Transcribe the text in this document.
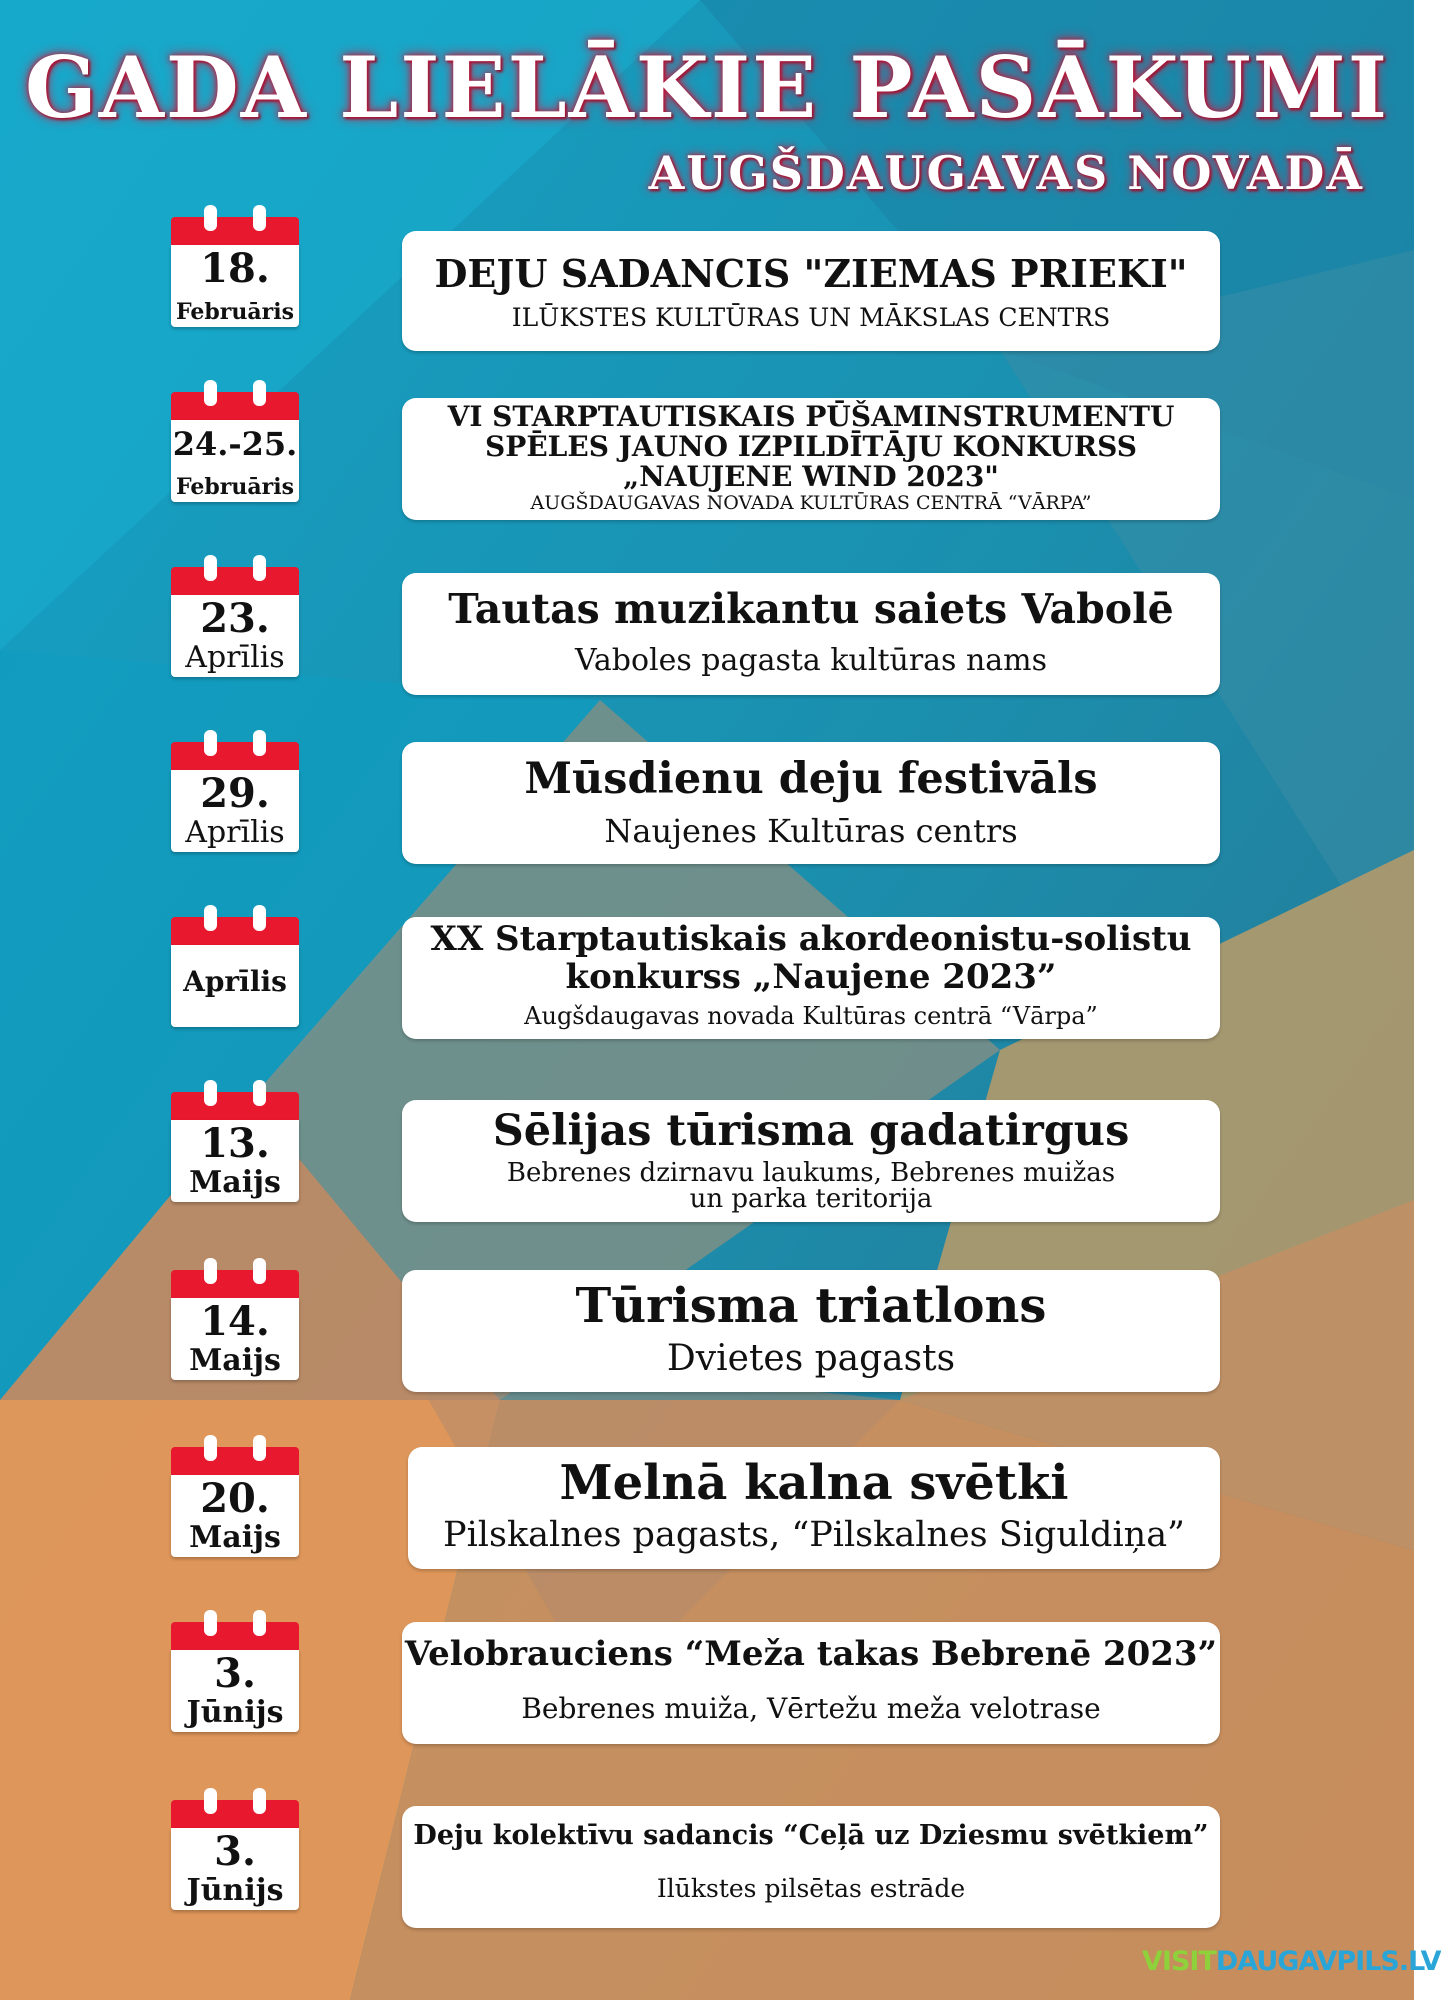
GADA LIELĀKIE PASĀKUMI
AUGŠDAUGAVAS NOVADĀ
18.
Februāris
DEJU SADANCIS "ZIEMAS PRIEKI"
ILŪKSTES KULTŪRAS UN MĀKSLAS CENTRS
24.-25.
Februāris
VI STARPTAUTISKAIS PŪŠAMINSTRUMENTU
SPĒLES JAUNO IZPILDĪTĀJU KONKURSS
„NAUJENE WIND 2023"
AUGŠDAUGAVAS NOVADA KULTŪRAS CENTRĀ “VĀRPA”
23.
Aprīlis
Tautas muzikantu saiets Vabolē
Vaboles pagasta kultūras nams
29.
Aprīlis
Mūsdienu deju festivāls
Naujenes Kultūras centrs
Aprīlis
XX Starptautiskais akordeonistu-solistu
konkurss „Naujene 2023”
Augšdaugavas novada Kultūras centrā “Vārpa”
13.
Maijs
Sēlijas tūrisma gadatirgus
Bebrenes dzirnavu laukums, Bebrenes muižas
un parka teritorija
14.
Maijs
Tūrisma triatlons
Dvietes pagasts
20.
Maijs
Melnā kalna svētki
Pilskalnes pagasts, “Pilskalnes Siguldiņa”
3.
Jūnijs
Velobrauciens “Meža takas Bebrenē 2023”
Bebrenes muiža, Vērtežu meža velotrase
3.
Jūnijs
Deju kolektīvu sadancis “Ceļā uz Dziesmu svētkiem”
Ilūkstes pilsētas estrāde
VISITDAUGAVPILS.LV
